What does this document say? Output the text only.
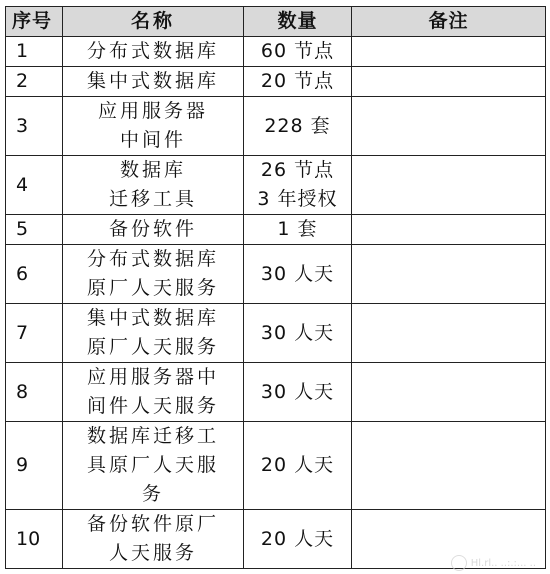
序号	名称	数量	备注

1	分布式数据库	60 节点	

2	集中式数据库	20 节点	

3	应用服务器
中间件	228 套	

4	数据库
迁移工具	26 节点
3 年授权	

5	备份软件	1 套	

6	分布式数据库
原厂人天服务	30 人天	

7	集中式数据库
原厂人天服务	30 人天	

8	应用服务器中
间件人天服务	30 人天	

9	数据库迁移工
具原厂人天服
务	20 人天	

10	备份软件原厂
人天服务	20 人天	

Hl.rl.. ..:.:... ..
